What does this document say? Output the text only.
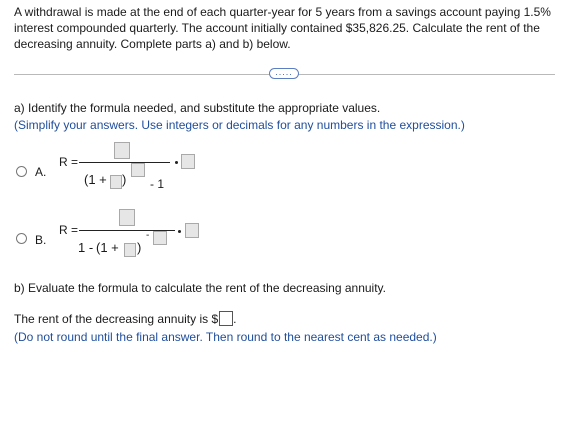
A withdrawal is made at the end of each quarter-year for 5 years from a savings account paying 1.5% interest compounded quarterly. The account initially contained $35,826.25. Calculate the rent of the decreasing annuity. Complete parts a) and b) below.
.....
a) Identify the formula needed, and substitute the appropriate values.
(Simplify your answers. Use integers or decimals for any numbers in the expression.)
A.
R =
(1 + ) - 1
B.
R =
1 - (1 + )
-
b) Evaluate the formula to calculate the rent of the decreasing annuity.
The rent of the decreasing annuity is $ .
(Do not round until the final answer. Then round to the nearest cent as needed.)
